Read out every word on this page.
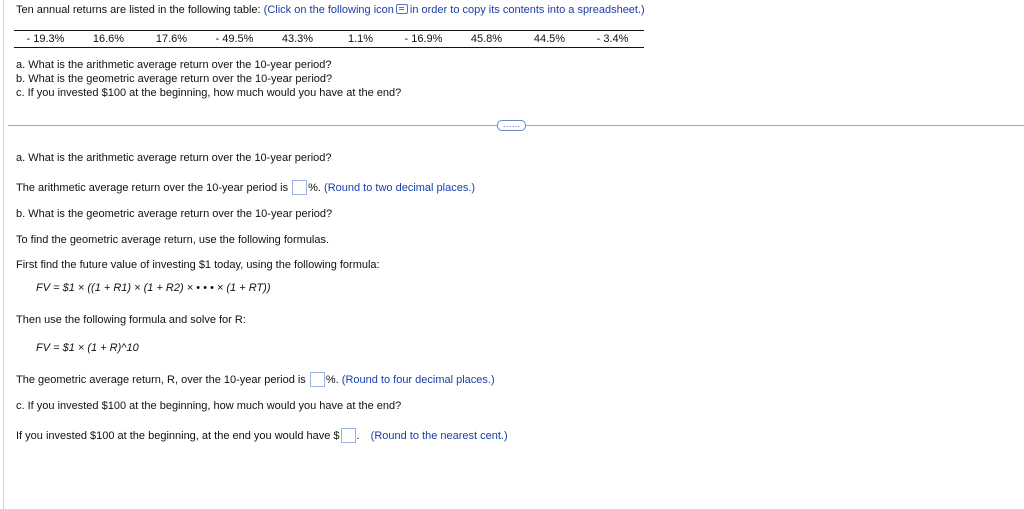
Ten annual returns are listed in the following table: (Click on the following icon in order to copy its contents into a spreadsheet.)
- 19.3%	16.6%	17.6%	- 49.5%	43.3%	1.1%	- 16.9%	45.8%	44.5%	- 3.4%
a. What is the arithmetic average return over the 10-year period?
b. What is the geometric average return over the 10-year period?
c. If you invested $100 at the beginning, how much would you have at the end?
……
a. What is the arithmetic average return over the 10-year period?
The arithmetic average return over the 10-year period is %. (Round to two decimal places.)
b. What is the geometric average return over the 10-year period?
To find the geometric average return, use the following formulas.
First find the future value of investing $1 today, using the following formula:
FV = $1 × ((1 + R1) × (1 + R2) × • • • × (1 + RT))
Then use the following formula and solve for R:
FV = $1 × (1 + R)^10
The geometric average return, R, over the 10-year period is %. (Round to four decimal places.)
c. If you invested $100 at the beginning, how much would you have at the end?
If you invested $100 at the beginning, at the end you would have $ . (Round to the nearest cent.)
